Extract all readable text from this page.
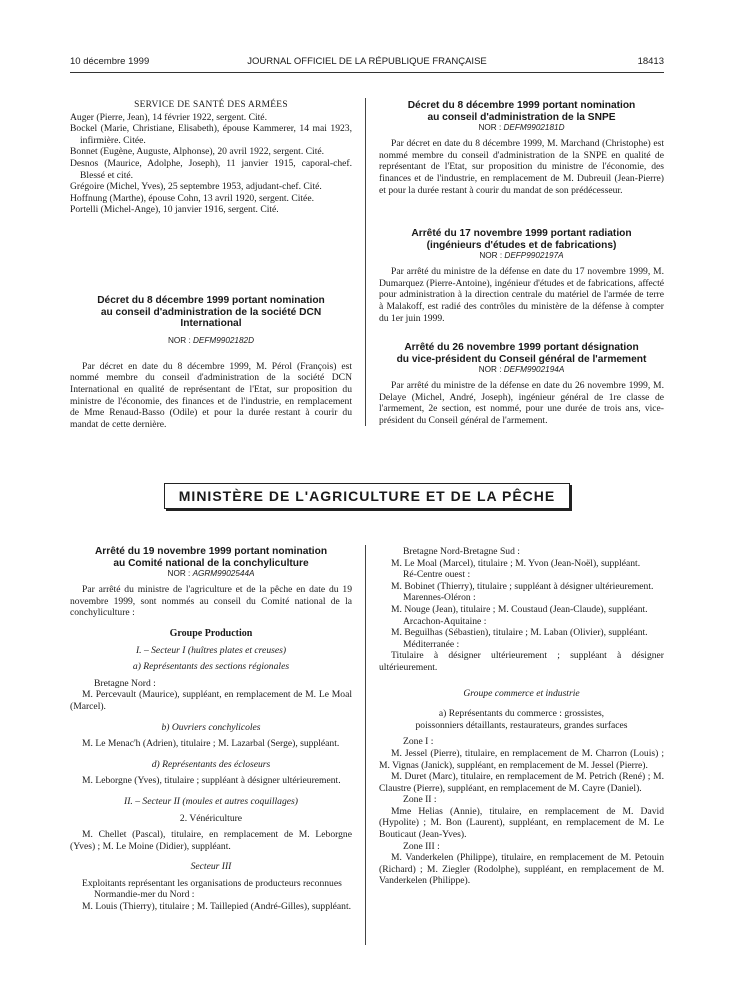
10 décembre 1999	JOURNAL OFFICIEL DE LA RÉPUBLIQUE FRANÇAISE	18413

SERVICE DE SANTÉ DES ARMÉES

Auger (Pierre, Jean), 14 février 1922, sergent. Cité.

Bockel (Marie, Christiane, Elisabeth), épouse Kammerer, 14 mai 1923, infirmière. Citée.

Bonnet (Eugène, Auguste, Alphonse), 20 avril 1922, sergent. Cité.

Desnos (Maurice, Adolphe, Joseph), 11 janvier 1915, caporal-chef. Blessé et cité.

Grégoire (Michel, Yves), 25 septembre 1953, adjudant-chef. Cité.

Hoffnung (Marthe), épouse Cohn, 13 avril 1920, sergent. Citée.

Portelli (Michel-Ange), 10 janvier 1916, sergent. Cité.

Décret du 8 décembre 1999 portant nomination

au conseil d'administration de la société DCN

International

NOR : DEFM9902182D

Par décret en date du 8 décembre 1999, M. Pérol (François) est nommé membre du conseil d'administration de la société DCN International en qualité de représentant de l'Etat, sur proposition du ministre de l'économie, des finances et de l'industrie, en remplacement de Mme Renaud-Basso (Odile) et pour la durée restant à courir du mandat de cette dernière.

Décret du 8 décembre 1999 portant nomination

au conseil d'administration de la SNPE

NOR : DEFM9902181D

Par décret en date du 8 décembre 1999, M. Marchand (Christophe) est nommé membre du conseil d'administration de la SNPE en qualité de représentant de l'Etat, sur proposition du ministre de l'économie, des finances et de l'industrie, en remplacement de M. Dubreuil (Jean-Pierre) et pour la durée restant à courir du mandat de son prédécesseur.

Arrêté du 17 novembre 1999 portant radiation

(ingénieurs d'études et de fabrications)

NOR : DEFP9902197A

Par arrêté du ministre de la défense en date du 17 novembre 1999, M. Dumarquez (Pierre-Antoine), ingénieur d'études et de fabrications, affecté pour administration à la direction centrale du matériel de l'armée de terre à Malakoff, est radié des contrôles du ministère de la défense à compter du 1er juin 1999.

Arrêté du 26 novembre 1999 portant désignation

du vice-président du Conseil général de l'armement

NOR : DEFM9902194A

Par arrêté du ministre de la défense en date du 26 novembre 1999, M. Delaye (Michel, André, Joseph), ingénieur général de 1re classe de l'armement, 2e section, est nommé, pour une durée de trois ans, vice-président du Conseil général de l'armement.

MINISTÈRE DE L'AGRICULTURE ET DE LA PÊCHE

Arrêté du 19 novembre 1999 portant nomination

au Comité national de la conchyliculture

NOR : AGRM9902544A

Par arrêté du ministre de l'agriculture et de la pêche en date du 19 novembre 1999, sont nommés au conseil du Comité national de la conchyliculture :

Groupe Production

I. – Secteur I (huîtres plates et creuses)

a) Représentants des sections régionales

Bretagne Nord :

M. Percevault (Maurice), suppléant, en remplacement de M. Le Moal (Marcel).

b) Ouvriers conchylicoles

M. Le Menac'h (Adrien), titulaire ; M. Lazarbal (Serge), suppléant.

d) Représentants des écloseurs

M. Leborgne (Yves), titulaire ; suppléant à désigner ultérieurement.

II. – Secteur II (moules et autres coquillages)

2. Vénériculture

M. Chellet (Pascal), titulaire, en remplacement de M. Leborgne (Yves) ; M. Le Moine (Didier), suppléant.

Secteur III

Exploitants représentant les organisations de producteurs reconnues

Normandie-mer du Nord :

M. Louis (Thierry), titulaire ; M. Taillepied (André-Gilles), suppléant.

Bretagne Nord-Bretagne Sud :

M. Le Moal (Marcel), titulaire ; M. Yvon (Jean-Noël), suppléant.

Ré-Centre ouest :

M. Bobinet (Thierry), titulaire ; suppléant à désigner ultérieurement.

Marennes-Oléron :

M. Nouge (Jean), titulaire ; M. Coustaud (Jean-Claude), suppléant.

Arcachon-Aquitaine :

M. Beguilhas (Sébastien), titulaire ; M. Laban (Olivier), suppléant.

Méditerranée :

Titulaire à désigner ultérieurement ; suppléant à désigner ultérieurement.

Groupe commerce et industrie

a) Représentants du commerce : grossistes,

poissonniers détaillants, restaurateurs, grandes surfaces

Zone I :

M. Jessel (Pierre), titulaire, en remplacement de M. Charron (Louis) ; M. Vignas (Janick), suppléant, en remplacement de M. Jessel (Pierre).

M. Duret (Marc), titulaire, en remplacement de M. Petrich (René) ; M. Claustre (Pierre), suppléant, en remplacement de M. Cayre (Daniel).

Zone II :

Mme Helias (Annie), titulaire, en remplacement de M. David (Hypolite) ; M. Bon (Laurent), suppléant, en remplacement de M. Le Bouticaut (Jean-Yves).

Zone III :

M. Vanderkelen (Philippe), titulaire, en remplacement de M. Petouin (Richard) ; M. Ziegler (Rodolphe), suppléant, en remplacement de M. Vanderkelen (Philippe).
